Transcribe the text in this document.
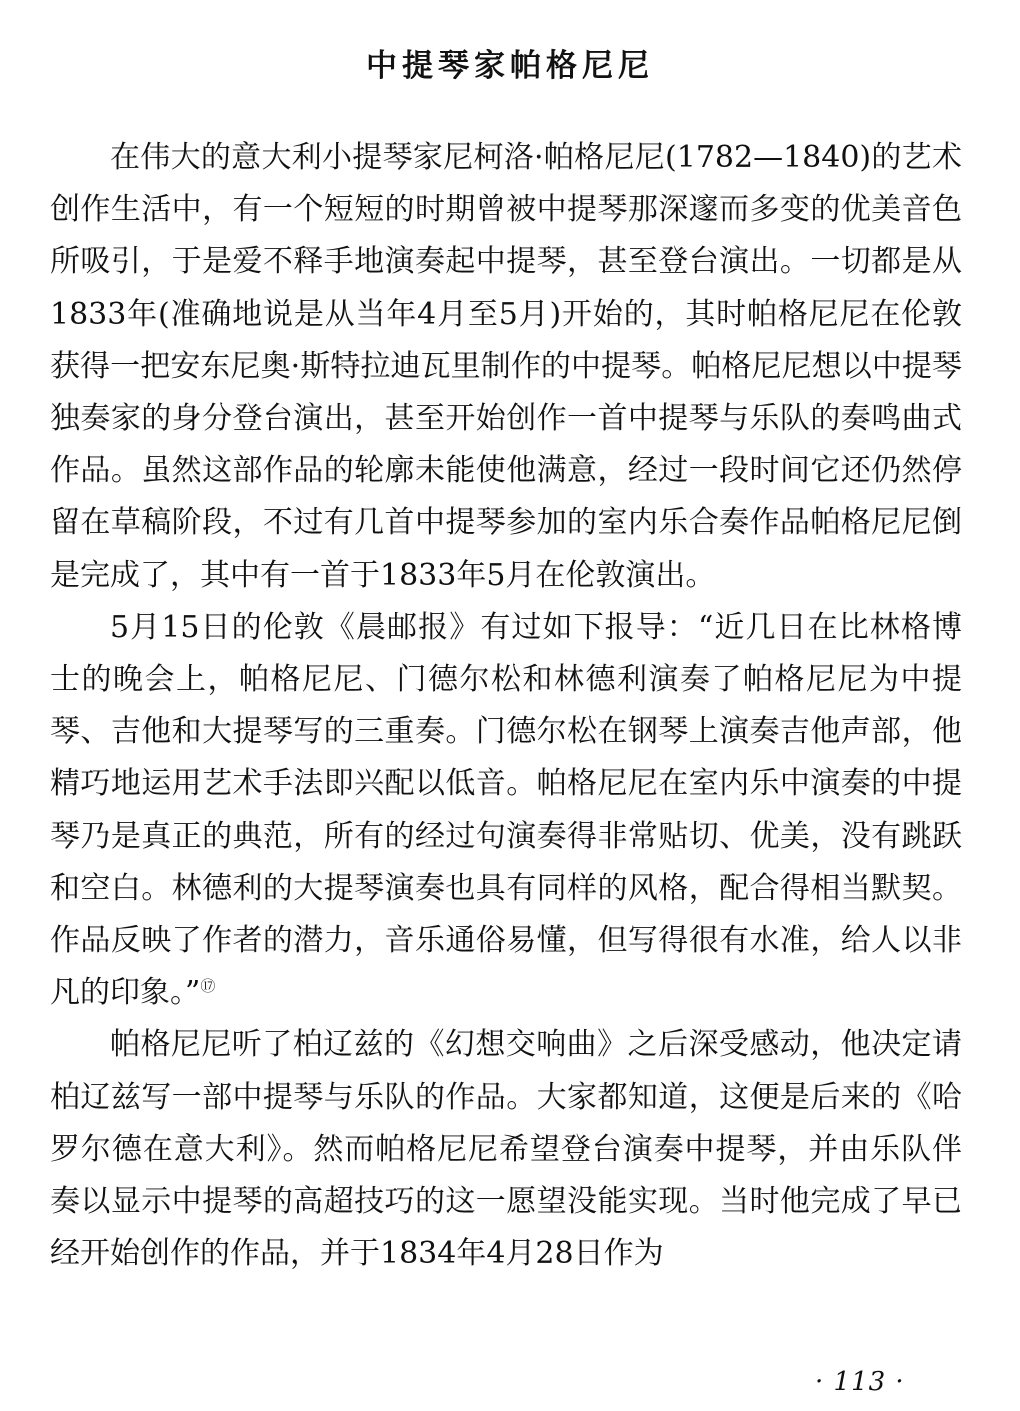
中提琴家帕格尼尼

在伟大的意大利小提琴家尼柯洛·帕格尼尼(1782—1840)的艺术创作生活中，有一个短短的时期曾被中提琴那深邃而多变的优美音色所吸引，于是爱不释手地演奏起中提琴，甚至登台演出。一切都是从1833年(准确地说是从当年4月至5月)开始的，其时帕格尼尼在伦敦获得一把安东尼奥·斯特拉迪瓦里制作的中提琴。帕格尼尼想以中提琴独奏家的身分登台演出，甚至开始创作一首中提琴与乐队的奏鸣曲式作品。虽然这部作品的轮廓未能使他满意，经过一段时间它还仍然停留在草稿阶段，不过有几首中提琴参加的室内乐合奏作品帕格尼尼倒是完成了，其中有一首于1833年5月在伦敦演出。

5月15日的伦敦《晨邮报》有过如下报导：“近几日在比林格博士的晚会上，帕格尼尼、门德尔松和林德利演奏了帕格尼尼为中提琴、吉他和大提琴写的三重奏。门德尔松在钢琴上演奏吉他声部，他精巧地运用艺术手法即兴配以低音。帕格尼尼在室内乐中演奏的中提琴乃是真正的典范，所有的经过句演奏得非常贴切、优美，没有跳跃和空白。林德利的大提琴演奏也具有同样的风格，配合得相当默契。作品反映了作者的潜力，音乐通俗易懂，但写得很有水准，给人以非凡的印象。”⑰

帕格尼尼听了柏辽兹的《幻想交响曲》之后深受感动，他决定请柏辽兹写一部中提琴与乐队的作品。大家都知道，这便是后来的《哈罗尔德在意大利》。然而帕格尼尼希望登台演奏中提琴，并由乐队伴奏以显示中提琴的高超技巧的这一愿望没能实现。当时他完成了早已经开始创作的作品，并于1834年4月28日作为

· 113 ·
